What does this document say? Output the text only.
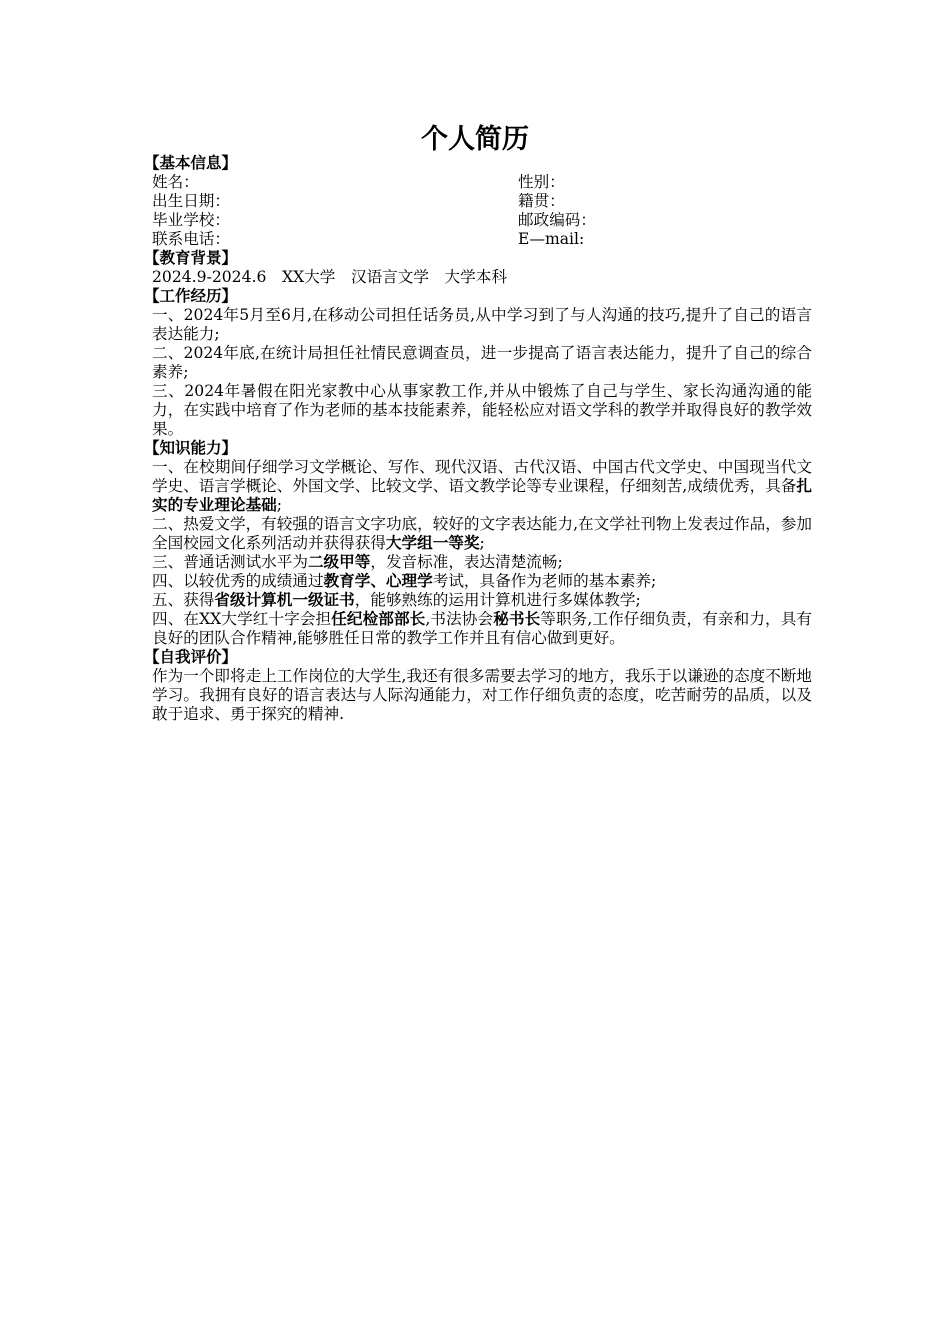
个人简历
【基本信息】
姓名：	性别：
出生日期：	籍贯：
毕业学校：	邮政编码：
联系电话：	E—mail:
【教育背景】
2024.9-2024.6　XX大学　汉语言文学　大学本科
【工作经历】
一、2024年5月至6月,在移动公司担任话务员,从中学习到了与人沟通的技巧,提升了自己的语言表达能力;
二、2024年底,在统计局担任社情民意调查员，进一步提高了语言表达能力，提升了自己的综合素养;
三、2024年暑假在阳光家教中心从事家教工作,并从中锻炼了自己与学生、家长沟通沟通的能力，在实践中培育了作为老师的基本技能素养，能轻松应对语文学科的教学并取得良好的教学效果。
【知识能力】
一、在校期间仔细学习文学概论、写作、现代汉语、古代汉语、中国古代文学史、中国现当代文学史、语言学概论、外国文学、比较文学、语文教学论等专业课程，仔细刻苦,成绩优秀，具备扎实的专业理论基础;
二、热爱文学，有较强的语言文字功底，较好的文字表达能力,在文学社刊物上发表过作品，参加全国校园文化系列活动并获得获得大学组一等奖;
三、普通话测试水平为二级甲等，发音标准，表达清楚流畅;
四、以较优秀的成绩通过教育学、心理学考试，具备作为老师的基本素养;
五、获得省级计算机一级证书，能够熟练的运用计算机进行多媒体教学;
四、在XX大学红十字会担任纪检部部长,书法协会秘书长等职务,工作仔细负责，有亲和力，具有良好的团队合作精神,能够胜任日常的教学工作并且有信心做到更好。
【自我评价】
作为一个即将走上工作岗位的大学生,我还有很多需要去学习的地方，我乐于以谦逊的态度不断地学习。我拥有良好的语言表达与人际沟通能力，对工作仔细负责的态度，吃苦耐劳的品质，以及敢于追求、勇于探究的精神.
